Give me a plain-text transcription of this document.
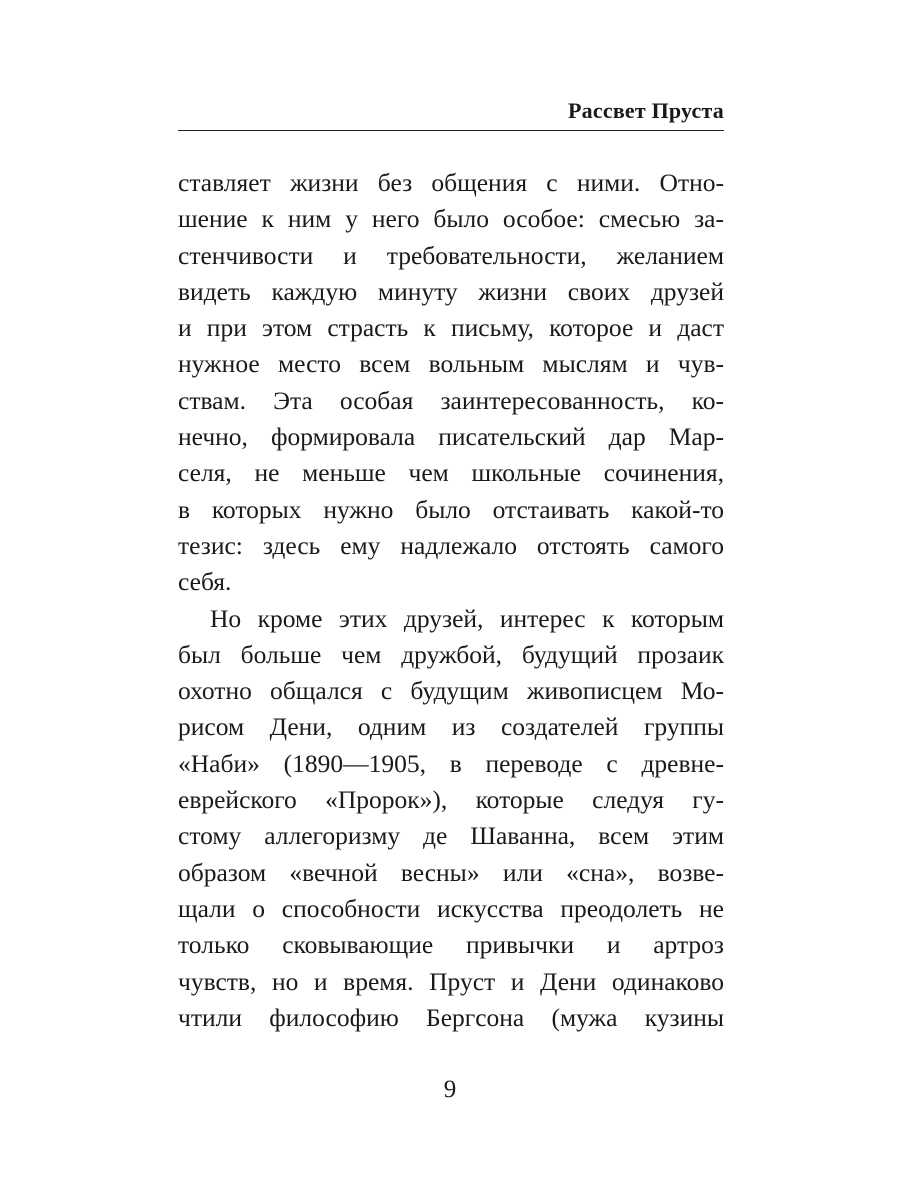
Рассвет Пруста
ставляет жизни без общения с ними. Отно-
шение к ним у него было особое: смесью за-
стенчивости и требовательности, желанием
видеть каждую минуту жизни своих друзей
и при этом страсть к письму, которое и даст
нужное место всем вольным мыслям и чув-
ствам. Эта особая заинтересованность, ко-
нечно, формировала писательский дар Мар-
селя, не меньше чем школьные сочинения,
в которых нужно было отстаивать какой-то
тезис: здесь ему надлежало отстоять самого
себя.
Но кроме этих друзей, интерес к которым
был больше чем дружбой, будущий прозаик
охотно общался с будущим живописцем Мо-
рисом Дени, одним из создателей группы
«Наби» (1890—1905, в переводе с древне-
еврейского «Пророк»), которые следуя гу-
стому аллегоризму де Шаванна, всем этим
образом «вечной весны» или «сна», возве-
щали о способности искусства преодолеть не
только сковывающие привычки и артроз
чувств, но и время. Пруст и Дени одинаково
чтили философию Бергсона (мужа кузины
9
